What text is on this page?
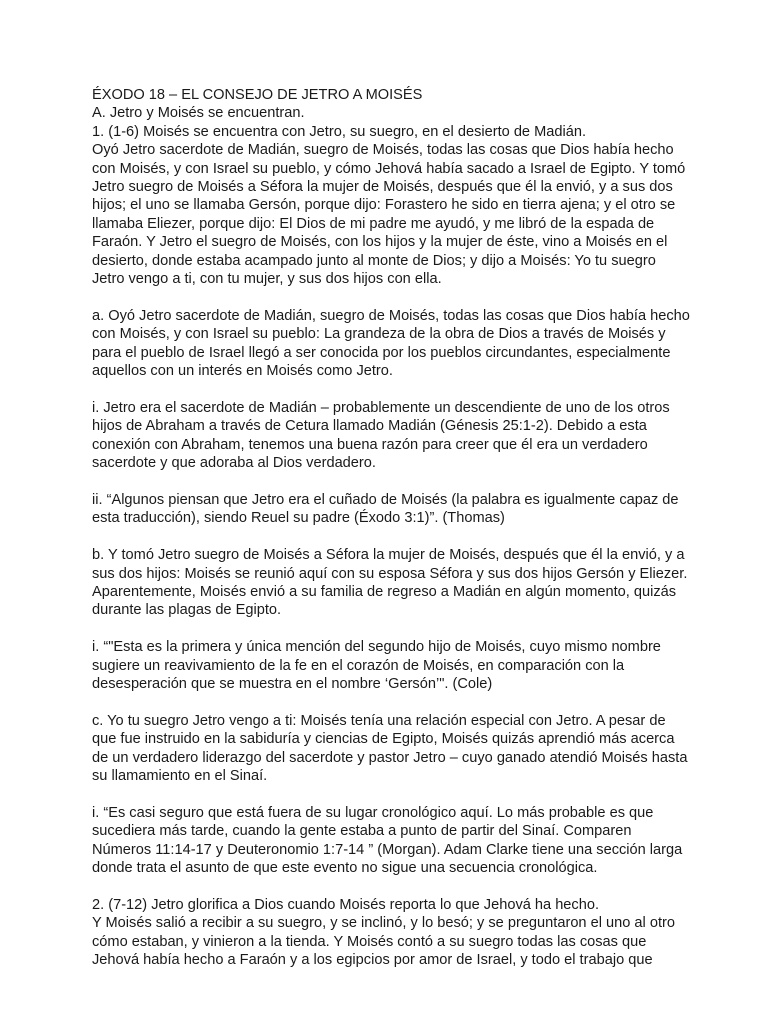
ÉXODO 18 – EL CONSEJO DE JETRO A MOISÉS
A. Jetro y Moisés se encuentran.
1. (1-6) Moisés se encuentra con Jetro, su suegro, en el desierto de Madián.
Oyó Jetro sacerdote de Madián, suegro de Moisés, todas las cosas que Dios había hecho
con Moisés, y con Israel su pueblo, y cómo Jehová había sacado a Israel de Egipto. Y tomó
Jetro suegro de Moisés a Séfora la mujer de Moisés, después que él la envió, y a sus dos
hijos; el uno se llamaba Gersón, porque dijo: Forastero he sido en tierra ajena; y el otro se
llamaba Eliezer, porque dijo: El Dios de mi padre me ayudó, y me libró de la espada de
Faraón. Y Jetro el suegro de Moisés, con los hijos y la mujer de éste, vino a Moisés en el
desierto, donde estaba acampado junto al monte de Dios; y dijo a Moisés: Yo tu suegro
Jetro vengo a ti, con tu mujer, y sus dos hijos con ella.
a. Oyó Jetro sacerdote de Madián, suegro de Moisés, todas las cosas que Dios había hecho
con Moisés, y con Israel su pueblo: La grandeza de la obra de Dios a través de Moisés y
para el pueblo de Israel llegó a ser conocida por los pueblos circundantes, especialmente
aquellos con un interés en Moisés como Jetro.
i. Jetro era el sacerdote de Madián – probablemente un descendiente de uno de los otros
hijos de Abraham a través de Cetura llamado Madián (Génesis 25:1-2). Debido a esta
conexión con Abraham, tenemos una buena razón para creer que él era un verdadero
sacerdote y que adoraba al Dios verdadero.
ii. “Algunos piensan que Jetro era el cuñado de Moisés (la palabra es igualmente capaz de
esta traducción), siendo Reuel su padre (Éxodo 3:1)”. (Thomas)
b. Y tomó Jetro suegro de Moisés a Séfora la mujer de Moisés, después que él la envió, y a
sus dos hijos: Moisés se reunió aquí con su esposa Séfora y sus dos hijos Gersón y Eliezer.
Aparentemente, Moisés envió a su familia de regreso a Madián en algún momento, quizás
durante las plagas de Egipto.
i. “"Esta es la primera y única mención del segundo hijo de Moisés, cuyo mismo nombre
sugiere un reavivamiento de la fe en el corazón de Moisés, en comparación con la
desesperación que se muestra en el nombre ‘Gersón’". (Cole)
c. Yo tu suegro Jetro vengo a ti: Moisés tenía una relación especial con Jetro. A pesar de
que fue instruido en la sabiduría y ciencias de Egipto, Moisés quizás aprendió más acerca
de un verdadero liderazgo del sacerdote y pastor Jetro – cuyo ganado atendió Moisés hasta
su llamamiento en el Sinaí.
i. “Es casi seguro que está fuera de su lugar cronológico aquí. Lo más probable es que
sucediera más tarde, cuando la gente estaba a punto de partir del Sinaí. Comparen
Números 11:14-17 y Deuteronomio 1:7-14 ” (Morgan). Adam Clarke tiene una sección larga
donde trata el asunto de que este evento no sigue una secuencia cronológica.
2. (7-12) Jetro glorifica a Dios cuando Moisés reporta lo que Jehová ha hecho.
Y Moisés salió a recibir a su suegro, y se inclinó, y lo besó; y se preguntaron el uno al otro
cómo estaban, y vinieron a la tienda. Y Moisés contó a su suegro todas las cosas que
Jehová había hecho a Faraón y a los egipcios por amor de Israel, y todo el trabajo que
